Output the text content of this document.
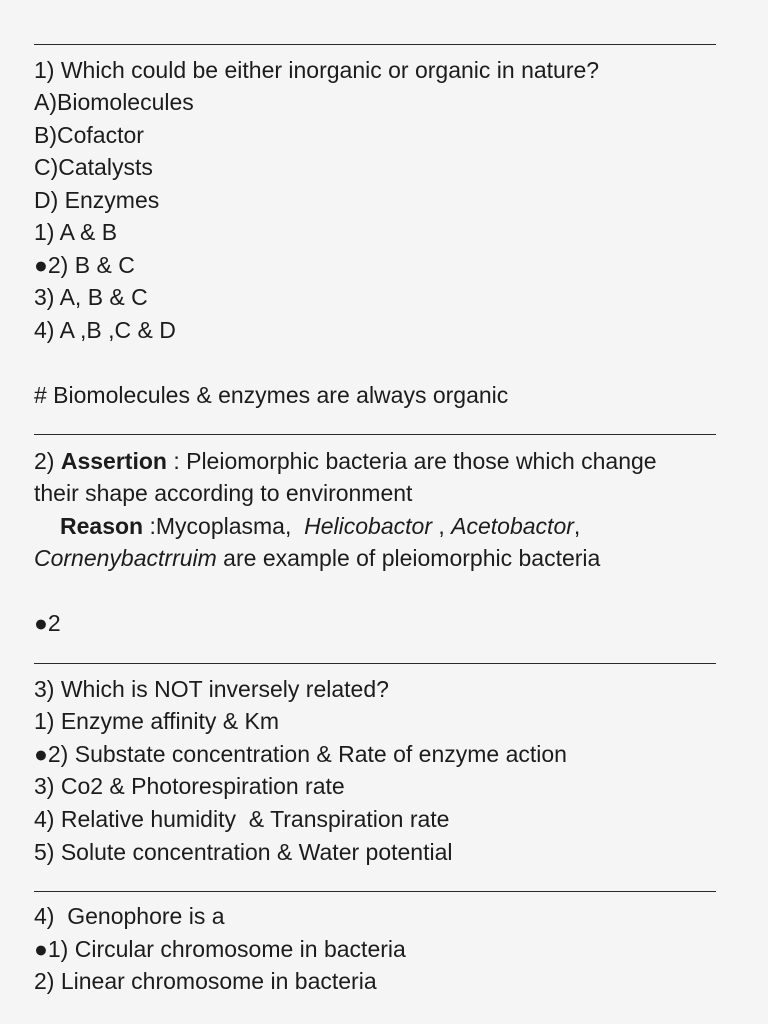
1) Which could be either inorganic or organic in nature?
A)Biomolecules
B)Cofactor
C)Catalysts
D) Enzymes
1) A & B
●2) B & C
3) A, B & C
4) A ,B ,C & D
# Biomolecules & enzymes are always organic
2) Assertion : Pleiomorphic bacteria are those which change
their shape according to environment
Reason :Mycoplasma,  Helicobactor , Acetobactor,
Cornenybactrruim are example of pleiomorphic bacteria
●2
3) Which is NOT inversely related?
1) Enzyme affinity & Km
●2) Substate concentration & Rate of enzyme action
3) Co2 & Photorespiration rate
4) Relative humidity  & Transpiration rate
5) Solute concentration & Water potential
4)  Genophore is a
●1) Circular chromosome in bacteria
2) Linear chromosome in bacteria
